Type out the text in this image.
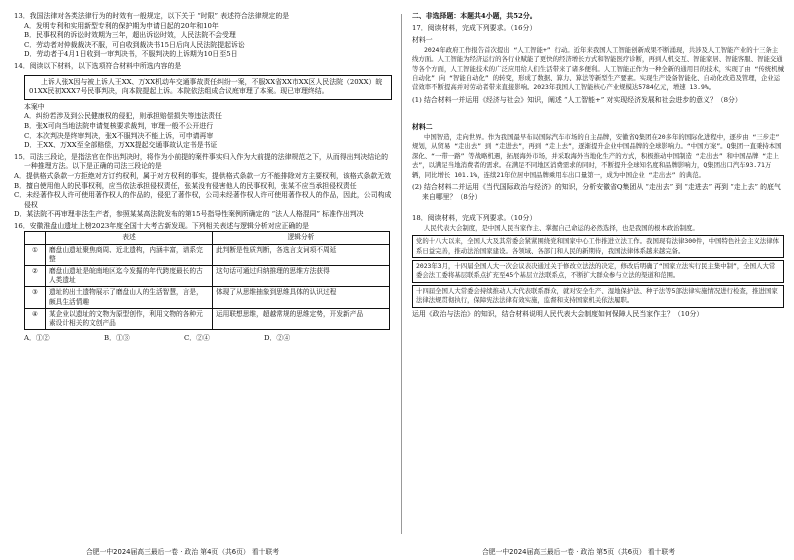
13．我国法律对各类法律行为的时效有一般规定，以下关于 “时限” 表述符合法律规定的是

A．发明专利和实用新型专利的保护期为申请日起的20年和10年

B．民事权利的诉讼时效期为三年，超出诉讼时效，人民法院不会受理

C．劳动者对仲裁裁决不服，可自收到裁决书15日后向人民法院提起诉讼

D．劳动者于4月1日收到一审判决书，不服判决的上诉期为10日至5日

14．阅读以下材料，以下选项符合材料中所选内容的是

上诉人张X因与被上诉人王XX、万XX机动车交通事故责任纠纷一案，不服XX省XX市XX区人民法院（20XX）皖01XX民初XXX7号民事判决，向本院提起上诉。本院依法组成合议庭审理了本案。现已审理终结。

本案中

A．纠纷若涉及到公民健康权的侵犯，则承担赔偿损失等违法责任

B．张X可向当地法院申请复核要求裁判，审理一般不公开进行

C．本次判决是终审判决，张X不服判决不能上诉，可申请再审

D．王XX、万XX至全部赔偿，万XX提起交通事故认定书是书证

15．司法三段论，是指法官在作出判决时，将作为小前提的案件事实归入作为大前提的法律规范之下，从而得出判决结论的一种推理方法。以下是正确的司法三段论的是

A．提供格式条款一方拒绝对方订约权利，属于对方权利的事实，提供格式条款一方不能排除对方主要权利，该格式条款无效

B．擅自使用他人的民事权利，应当依法承担侵权责任，张某没有侵害他人的民事权利，张某不应当承担侵权责任

C．未经著作权人许可使用著作权人的作品的，侵犯了著作权，公司未经著作权人许可使用著作权人的作品，因此，公司构成侵权

D．某法院不再审理非法生产者，参照某某高法院发布的第15号指导性案例所确定的 “法人人格混同” 标准作出判决

16．安徽淮盘山遗址上榜2023年度全国十大考古新发现。下列相关表述与逻辑分析对应正确的是

	表述	逻辑分析
①	磨盘山遗址聚焦商周、近北遗构，内涵丰富，谱系完整	此判断是性质判断，各选言支词项不周延
②	磨盘山遗址是皖南地区迄今发掘的年代跨度最长的古人类遗址	这句话可通过归纳推理的思维方法获得
③	遗址的出土遗物展示了磨盘山人的生活智慧，言是，颇具生活情趣	体现了从思维抽象到思维具体的认识过程
④	某企业以遗址的文物为原型创作，利用文物的各种元素设计相关的文创产品	运用联想思维，超越常规的思维定势，开发新产品
A．①②	B．①③	C．②④	D．②④
合肥一中2024届高三最后一卷 · 政治 第4页（共6页） 看十联考

二、非选择题：本题共4小题，共52分。

17．阅读材料，完成下列要求。（16分）

材料一

2024年政府工作报告首次提出 “人工智能+” 行动。近年来我国人工智能创新成果不断涌现，共涉及人工智能产业的十三条主线方面。人工智能为经济运行的各行业赋能了更快的经济增长方式和智能医疗诊断，再到人机交互、智能家居、智能客服、智能交通等各个方面，人工智能技术的广泛应用给人们生活带来了诸多便利。人工智能正作为一种全新的通用目的技术，实现了由 “传统机械自动化” 向 “智能自动化” 的转变，形成了数据、算力、算法等新型生产要素。实现生产设备智能化、自动化改造及管理，企业运营效率不断提高并对劳动者带来直接影响。2023年我国人工智能核心产业规模达5784亿元，增速 13.9%。

(1) 结合材料一并运用《经济与社会》知识，阐述 “人工智能+” 对实现经济发展和社会进步的意义？（8分）

材料二

中国智造，走向世界。作为我国最早布局国际汽车市场的自主品牌，安徽省Q集团在20多年的国际化进程中，逐步由 “三步走” 规划，从贸易 “走出去” 到 “走进去”，再到 “走上去”，逐渐提升企业中国品牌的全球影响力。“中国方案”。Q集团一直秉持本国深化、“一带一路” 等战略机遇，拓展海外市场，并采取海外当地化生产的方式，积极推动中国制造 “走出去” 和中国品牌 “走上去”，以满足当地消费者的需求。在满足不同地区消费需求的同时，不断提升全球知名度和品牌影响力，Q集团出口汽车93.71万辆，同比增长 101.1%，连续21年位居中国品牌乘用车出口量第一，成为中国企业 “走出去” 的典范。

(2) 结合材料二并运用《当代国际政治与经济》的知识，分析安徽省Q集团从 “走出去” 到 “走进去” 再到 “走上去” 的底气来自哪里？（8分）

18．阅读材料，完成下列要求。（10分）

人民代表大会制度，是中国人民当家作主、掌握自己命运的必然选择，也是我国的根本政治制度。

党的十八大以来，全国人大及其常委会紧紧围绕党和国家中心工作推进立法工作。我国现有法律300件，中国特色社会主义法律体系日益完善，推动法治国家建设。各领域、各部门和人民的新期待，我国法律体系越来越完备。
2023年3月，十四届全国人大一次会议表决通过关于修改立法法的决定，修改后明确了“国家立法实行民主集中制”，全国人大常委会法工委将基层联系点扩充至45个基层立法联系点，不断扩大群众参与立法的渠道和范围。
十四届全国人大常委会持续推动人大代表联系群众，就对安全生产、湿地保护法、种子法等5部法律实施情况进行检查，推进国家法律法规贯彻执行，保障宪法法律有效实施，监督和支持国家机关依法履职。

运用《政治与法治》的知识，结合材料说明人民代表大会制度如何保障人民当家作主？（10分）

合肥一中2024届高三最后一卷 · 政治 第5页（共6页） 看十联考
